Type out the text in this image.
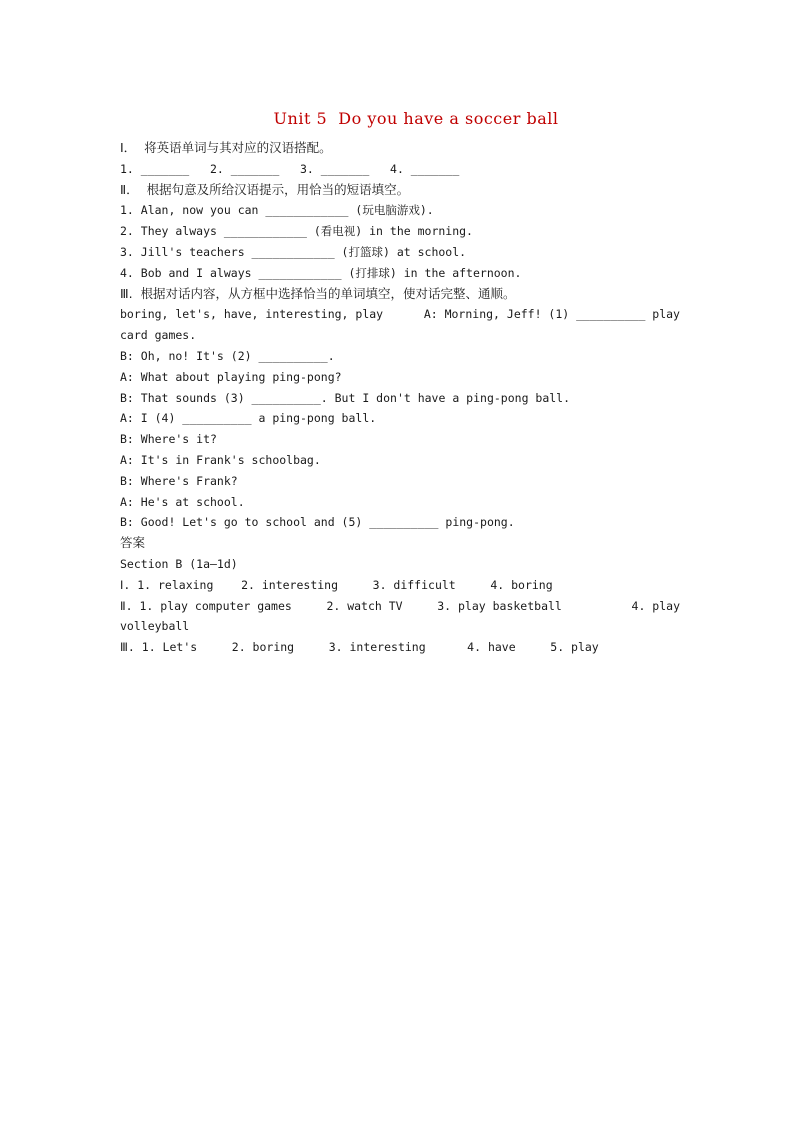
Unit 5  Do you have a soccer ball
Ⅰ．  将英语单词与其对应的汉语搭配。
1. _______   2. _______   3. _______   4. _______
Ⅱ．  根据句意及所给汉语提示，用恰当的短语填空。
1. Alan, now you can ____________ (玩电脑游戏).
2. They always ____________ (看电视) in the morning.
3. Jill's teachers ____________ (打篮球) at school.
4. Bob and I always ____________ (打排球) in the afternoon.
Ⅲ.  根据对话内容，从方框中选择恰当的单词填空，使对话完整、通顺。
boring, let's, have, interesting, play	A: Morning, Jeff! (1) __________ play
card games.
B: Oh, no! It's (2) __________.
A: What about playing ping-pong?
B: That sounds (3) __________. But I don't have a ping-pong ball.
A: I (4) __________ a ping-pong ball.
B: Where's it?
A: It's in Frank's schoolbag.
B: Where's Frank?
A: He's at school.
B: Good! Let's go to school and (5) __________ ping-pong.
答案
Section B (1a—1d)
Ⅰ. 1. relaxing    2. interesting     3. difficult     4. boring
Ⅱ. 1. play computer games     2. watch TV     3. play basketball	4. play
volleyball
Ⅲ. 1. Let's     2. boring     3. interesting      4. have     5. play
